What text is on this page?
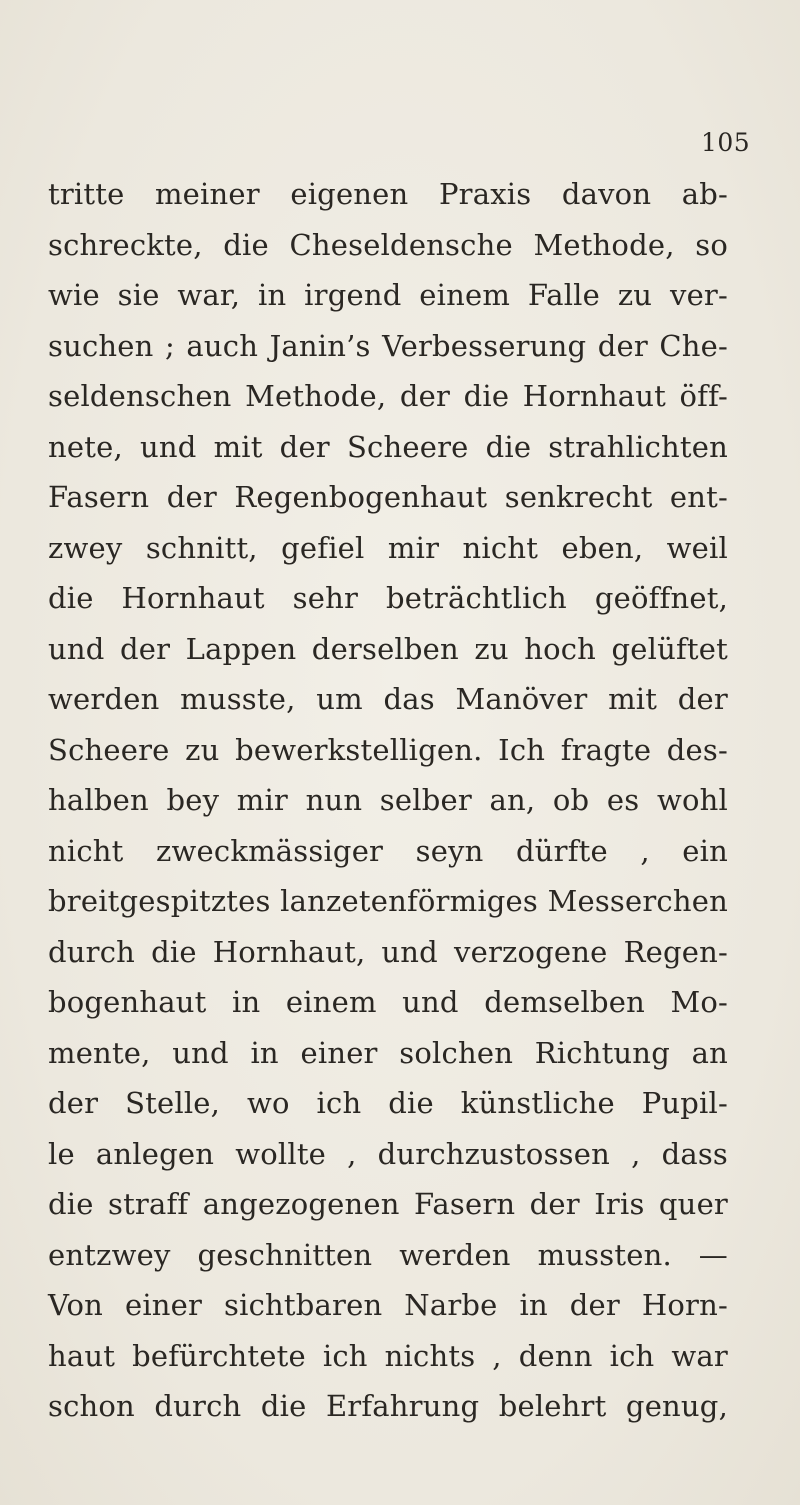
105
tritte meiner eigenen Praxis davon ab-
schreckte, die Cheseldensche Methode, so
wie sie war, in irgend einem Falle zu ver-
suchen ; auch Janin’s Verbesserung der Che-
seldenschen Methode, der die Hornhaut öff-
nete, und mit der Scheere die strahlichten
Fasern der Regenbogenhaut senkrecht ent-
zwey schnitt, gefiel mir nicht eben, weil
die Hornhaut sehr beträchtlich geöffnet,
und der Lappen derselben zu hoch gelüftet
werden musste, um das Manöver mit der
Scheere zu bewerkstelligen. Ich fragte des-
halben bey mir nun selber an, ob es wohl
nicht zweckmässiger seyn dürfte , ein
breitgespitztes lanzetenförmiges Messerchen
durch die Hornhaut, und verzogene Regen-
bogenhaut in einem und demselben Mo-
mente, und in einer solchen Richtung an
der Stelle, wo ich die künstliche Pupil-
le anlegen wollte , durchzustossen , dass
die straff angezogenen Fasern der Iris quer
entzwey geschnitten werden mussten. —
Von einer sichtbaren Narbe in der Horn-
haut befürchtete ich nichts , denn ich war
schon durch die Erfahrung belehrt genug,
